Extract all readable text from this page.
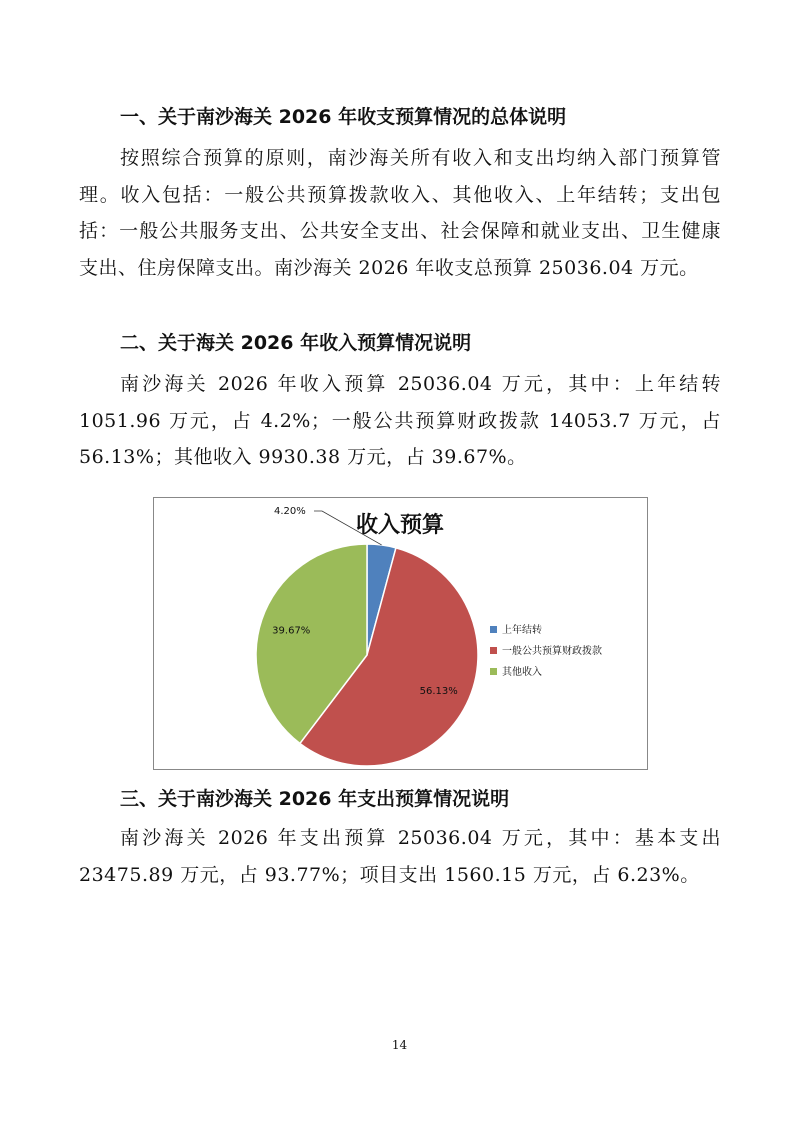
一、关于南沙海关 2026 年收支预算情况的总体说明
按照综合预算的原则，南沙海关所有收入和支出均纳入部门预算管理。收入包括：一般公共预算拨款收入、其他收入、上年结转；支出包括：一般公共服务支出、公共安全支出、社会保障和就业支出、卫生健康支出、住房保障支出。南沙海关 2026 年收支总预算 25036.04 万元。
二、关于海关 2026 年收入预算情况说明
南沙海关 2026 年收入预算 25036.04 万元，其中：上年结转 1051.96 万元，占 4.2%；一般公共预算财政拨款 14053.7 万元，占 56.13%；其他收入 9930.38 万元，占 39.67%。
收入预算
4.20%
56.13%
39.67%	上年结转
一般公共预算财政拨款
其他收入
三、关于南沙海关 2026 年支出预算情况说明
南沙海关 2026 年支出预算 25036.04 万元，其中：基本支出 23475.89 万元，占 93.77%；项目支出 1560.15 万元，占 6.23%。
14
